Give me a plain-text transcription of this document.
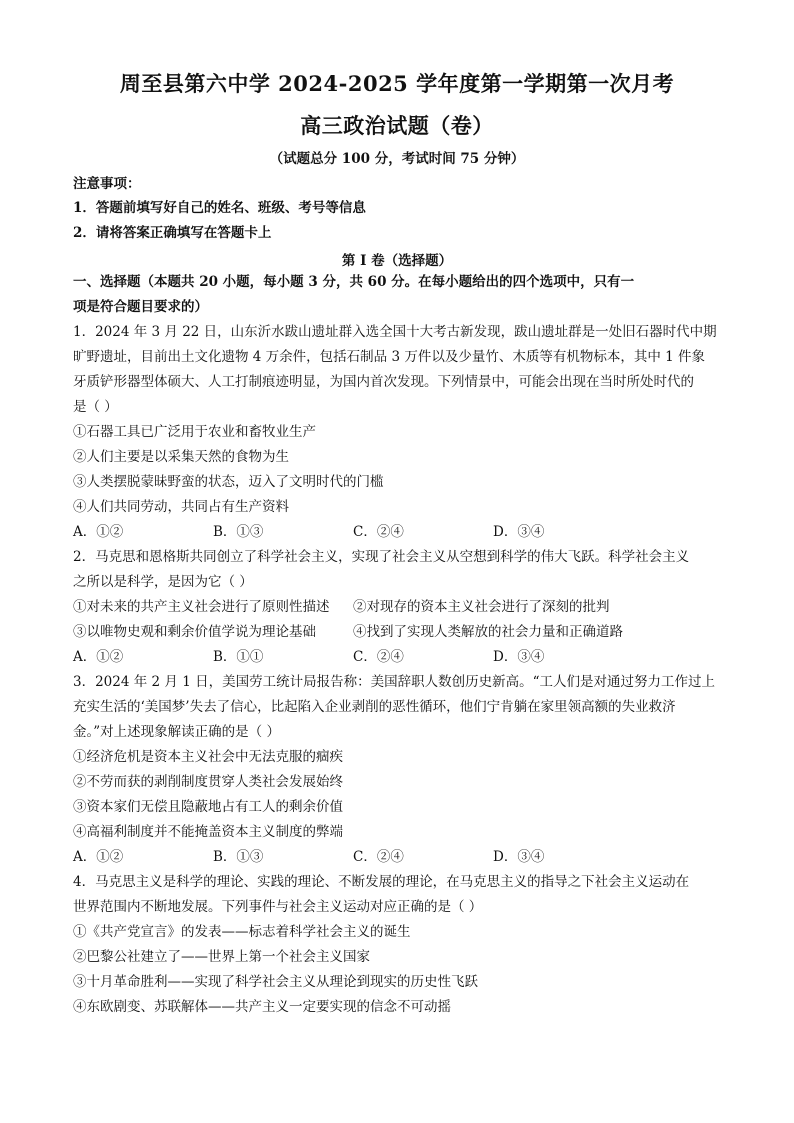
周至县第六中学 2024-2025 学年度第一学期第一次月考
高三政治试题（卷）
（试题总分 100 分，考试时间 75 分钟）
注意事项：
1．答题前填写好自己的姓名、班级、考号等信息
2．请将答案正确填写在答题卡上
第 I 卷（选择题）
一、选择题（本题共 20 小题，每小题 3 分，共 60 分。在每小题给出的四个选项中，只有一
项是符合题目要求的）
1．2024 年 3 月 22 日，山东沂水跋山遗址群入选全国十大考古新发现，跋山遗址群是一处旧石器时代中期
旷野遗址，目前出土文化遗物 4 万余件，包括石制品 3 万件以及少量竹、木质等有机物标本，其中 1 件象
牙质铲形器型体硕大、人工打制痕迹明显，为国内首次发现。下列情景中，可能会出现在当时所处时代的
是（ ）
①石器工具已广泛用于农业和畜牧业生产
②人们主要是以采集天然的食物为生
③人类摆脱蒙昧野蛮的状态，迈入了文明时代的门槛
④人们共同劳动，共同占有生产资料
A．①②	B．①③	C．②④	D．③④
2．马克思和恩格斯共同创立了科学社会主义，实现了社会主义从空想到科学的伟大飞跃。科学社会主义
之所以是科学，是因为它（ ）
①对未来的共产主义社会进行了原则性描述 ②对现存的资本主义社会进行了深刻的批判
③以唯物史观和剩余价值学说为理论基础	④找到了实现人类解放的社会力量和正确道路
A．①②	B．①①	C．②④	D．③④
3．2024 年 2 月 1 日，美国劳工统计局报告称：美国辞职人数创历史新高。“工人们是对通过努力工作过上
充实生活的‘美国梦’失去了信心，比起陷入企业剥削的恶性循环，他们宁肯躺在家里领高额的失业救济
金。”对上述现象解读正确的是（ ）
①经济危机是资本主义社会中无法克服的痼疾
②不劳而获的剥削制度贯穿人类社会发展始终
③资本家们无偿且隐蔽地占有工人的剩余价值
④高福利制度并不能掩盖资本主义制度的弊端
A．①②	B．①③	C．②④	D．③④
4．马克思主义是科学的理论、实践的理论、不断发展的理论，在马克思主义的指导之下社会主义运动在
世界范围内不断地发展。下列事件与社会主义运动对应正确的是（ ）
①《共产党宣言》的发表——标志着科学社会主义的诞生
②巴黎公社建立了——世界上第一个社会主义国家
③十月革命胜利——实现了科学社会主义从理论到现实的历史性飞跃
④东欧剧变、苏联解体——共产主义一定要实现的信念不可动摇
